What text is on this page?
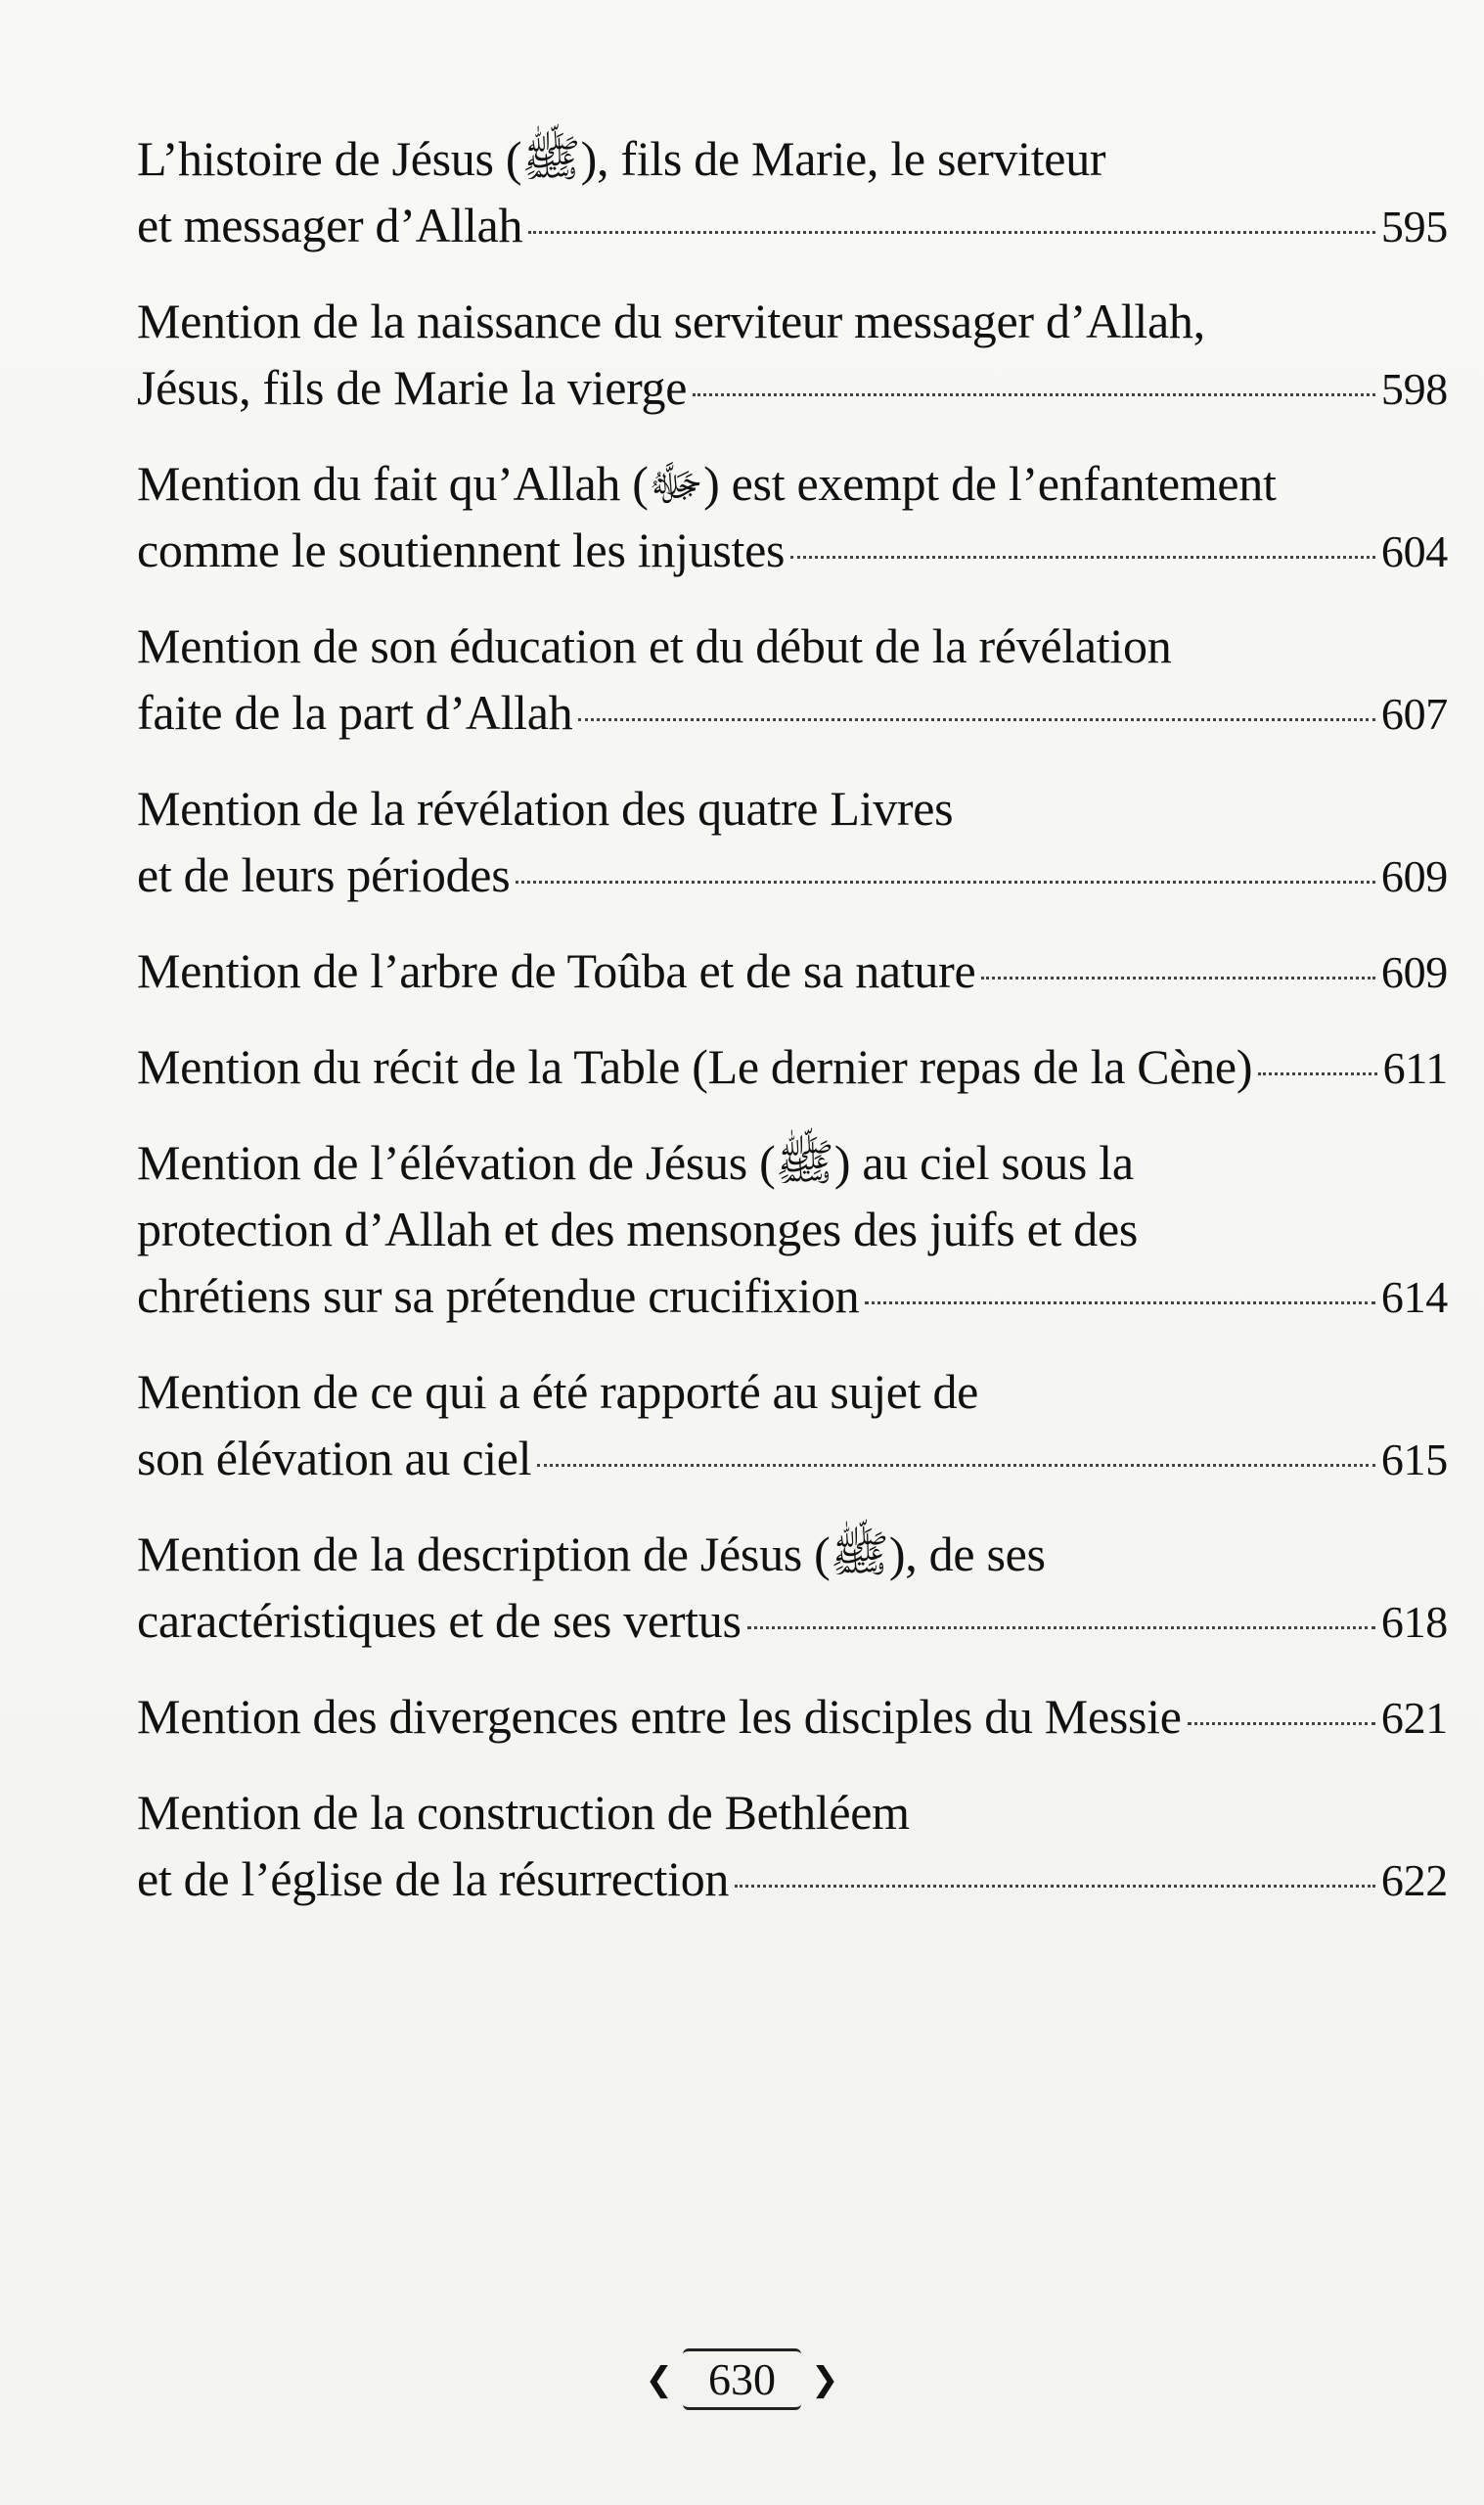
L’histoire de Jésus (ﷺ), fils de Marie, le serviteur
et messager d’Allah	595
Mention de la naissance du serviteur messager d’Allah,
Jésus, fils de Marie la vierge	598
Mention du fait qu’Allah (ﷻ) est exempt de l’enfantement
comme le soutiennent les injustes	604
Mention de son éducation et du début de la révélation
faite de la part d’Allah	607
Mention de la révélation des quatre Livres
et de leurs périodes	609
Mention de l’arbre de Toûba et de sa nature	609
Mention du récit de la Table (Le dernier repas de la Cène)	611
Mention de l’élévation de Jésus (ﷺ) au ciel sous la
protection d’Allah et des mensonges des juifs et des
chrétiens sur sa prétendue crucifixion	614
Mention de ce qui a été rapporté au sujet de
son élévation au ciel	615
Mention de la description de Jésus (ﷺ), de ses
caractéristiques et de ses vertus	618
Mention des divergences entre les disciples du Messie	621
Mention de la construction de Bethléem
et de l’église de la résurrection	622
❮ 630	❯
